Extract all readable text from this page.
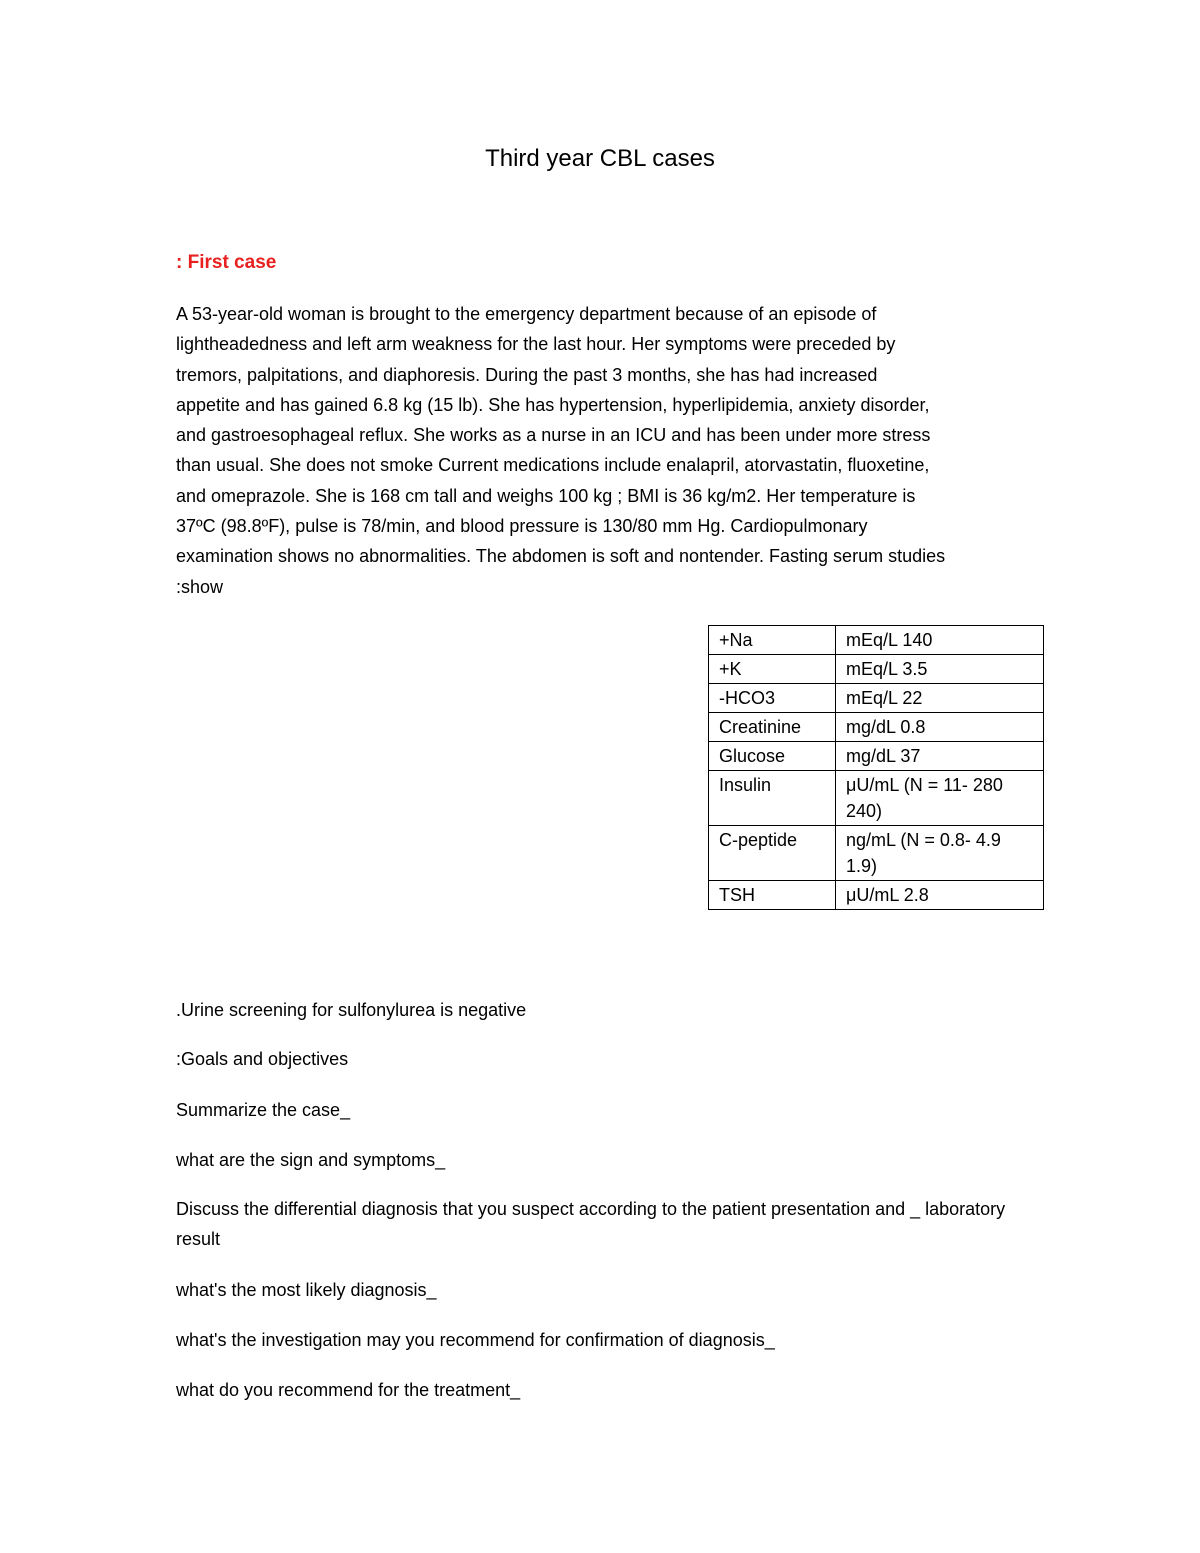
Third year CBL cases
: First case

A 53-year-old woman is brought to the emergency department because of an episode of
lightheadedness and left arm weakness for the last hour. Her symptoms were preceded by
tremors, palpitations, and diaphoresis. During the past 3 months, she has had increased
appetite and has gained 6.8 kg (15 lb). She has hypertension, hyperlipidemia, anxiety disorder,
and gastroesophageal reflux. She works as a nurse in an ICU and has been under more stress
than usual. She does not smoke Current medications include enalapril, atorvastatin, fluoxetine,
and omeprazole. She is 168 cm tall and weighs 100 kg ; BMI is 36 kg/m2. Her temperature is
37ºC (98.8ºF), pulse is 78/min, and blood pressure is 130/80 mm Hg. Cardiopulmonary
examination shows no abnormalities. The abdomen is soft and nontender. Fasting serum studies
:show

+Na	mEq/L 140
+K	mEq/L 3.5
-HCO3	mEq/L 22
Creatinine	mg/dL 0.8
Glucose	mg/dL 37
Insulin	μU/mL (N = 11- 280 240)
C-peptide	ng/mL (N = 0.8- 4.9 1.9)
TSH	μU/mL 2.8
.Urine screening for sulfonylurea is negative
:Goals and objectives
Summarize the case_
what are the sign and symptoms_
Discuss the differential diagnosis that you suspect according to the patient presentation and _ laboratory result
what's the most likely diagnosis_
what's the investigation may you recommend for confirmation of diagnosis_
what do you recommend for the treatment_
